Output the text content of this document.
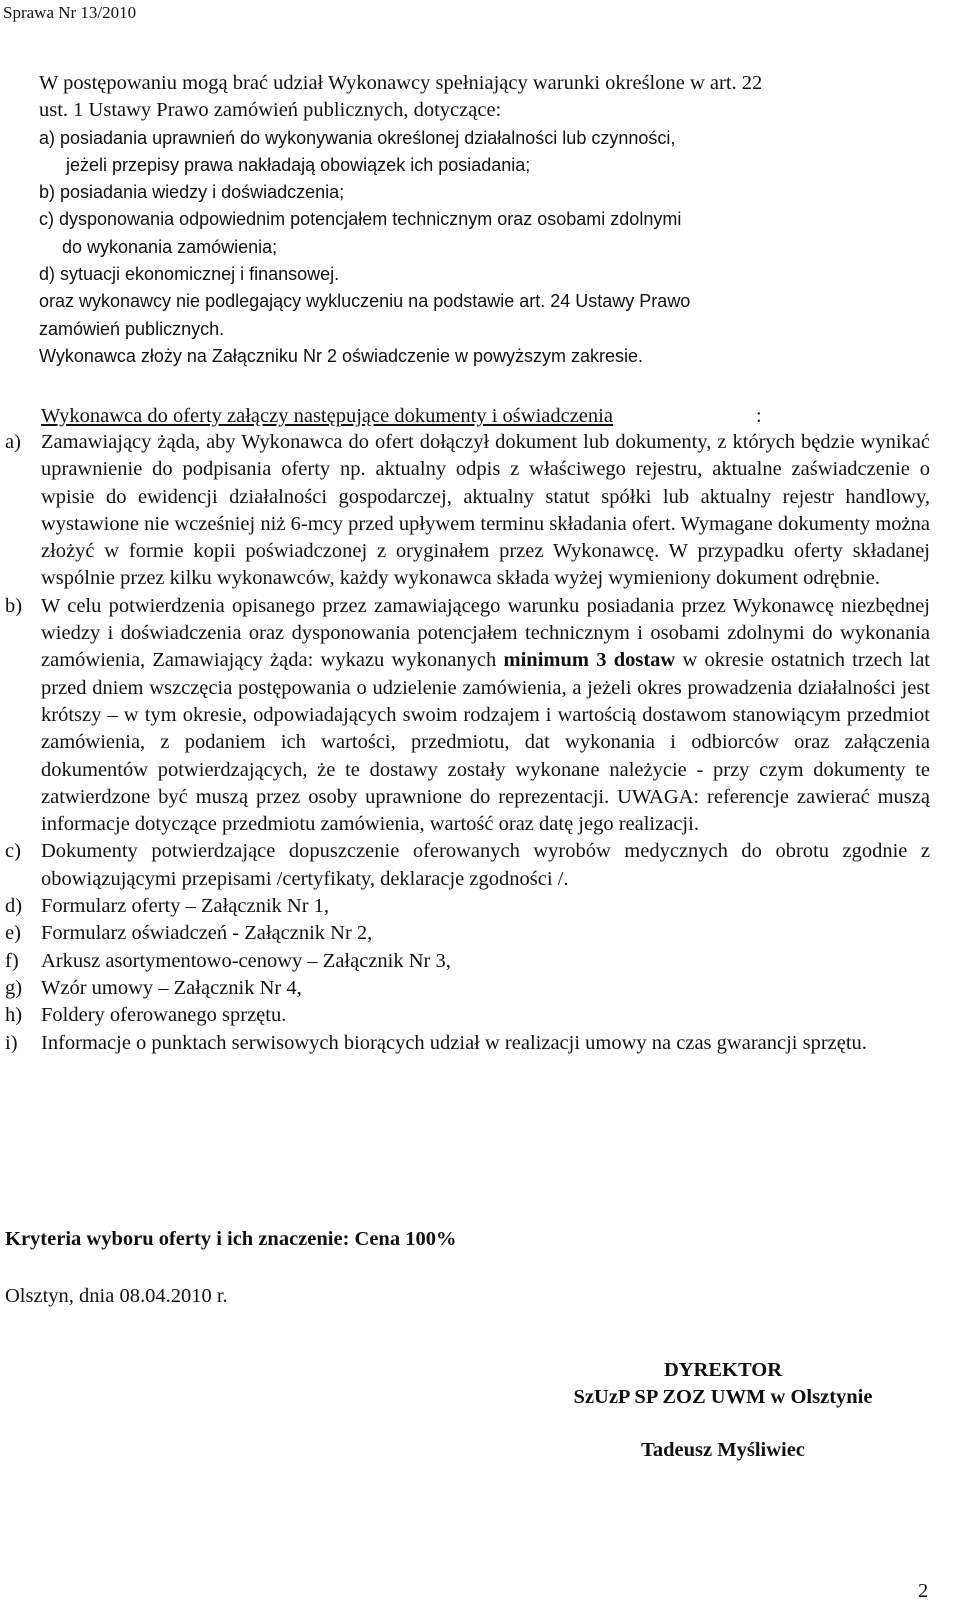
Sprawa Nr 13/2010
W postępowaniu mogą brać udział Wykonawcy spełniający warunki określone w art. 22
ust. 1 Ustawy Prawo zamówień publicznych, dotyczące:
a) posiadania uprawnień do wykonywania określonej działalności lub czynności,
jeżeli przepisy prawa nakładają obowiązek ich posiadania;
b) posiadania wiedzy i doświadczenia;
c) dysponowania odpowiednim potencjałem technicznym oraz osobami zdolnymi
do wykonania zamówienia;
d) sytuacji ekonomicznej i finansowej.
oraz wykonawcy nie podlegający wykluczeniu na podstawie art. 24 Ustawy Prawo
zamówień publicznych.
Wykonawca złoży na Załączniku Nr 2 oświadczenie w powyższym zakresie.
Wykonawca do oferty załączy następujące dokumenty i oświadczenia	:
a) Zamawiający żąda, aby Wykonawca do ofert dołączył dokument lub dokumenty, z których będzie wynikać uprawnienie do podpisania oferty np. aktualny odpis z właściwego rejestru, aktualne zaświadczenie o wpisie do ewidencji działalności gospodarczej, aktualny statut spółki lub aktualny rejestr handlowy, wystawione nie wcześniej niż 6-mcy przed upływem terminu składania ofert. Wymagane dokumenty można złożyć w formie kopii poświadczonej z oryginałem przez Wykonawcę. W przypadku oferty składanej wspólnie przez kilku wykonawców, każdy wykonawca składa wyżej wymieniony dokument odrębnie.
b) W celu potwierdzenia opisanego przez zamawiającego warunku posiadania przez Wykonawcę niezbędnej wiedzy i doświadczenia oraz dysponowania potencjałem technicznym i osobami zdolnymi do wykonania zamówienia, Zamawiający żąda: wykazu wykonanych minimum 3 dostaw w okresie ostatnich trzech lat przed dniem wszczęcia postępowania o udzielenie zamówienia, a jeżeli okres prowadzenia działalności jest krótszy – w tym okresie, odpowiadających swoim rodzajem i wartością dostawom stanowiącym przedmiot zamówienia, z podaniem ich wartości, przedmiotu, dat wykonania i odbiorców oraz załączenia dokumentów potwierdzających, że te dostawy zostały wykonane należycie - przy czym dokumenty te zatwierdzone być muszą przez osoby uprawnione do reprezentacji. UWAGA: referencje zawierać muszą informacje dotyczące przedmiotu zamówienia, wartość oraz datę jego realizacji.
c) Dokumenty potwierdzające dopuszczenie oferowanych wyrobów medycznych do obrotu zgodnie z obowiązującymi przepisami /certyfikaty, deklaracje zgodności /.
d) Formularz oferty – Załącznik Nr 1,
e) Formularz oświadczeń - Załącznik Nr 2,
f)	Arkusz asortymentowo-cenowy – Załącznik Nr 3,
g) Wzór umowy – Załącznik Nr 4,
h) Foldery oferowanego sprzętu.
i)	Informacje o punktach serwisowych biorących udział w realizacji umowy na czas gwarancji sprzętu.
Kryteria wyboru oferty i ich znaczenie: Cena 100%
Olsztyn, dnia 08.04.2010 r.
DYREKTOR
SzUzP SP ZOZ UWM w Olsztynie
Tadeusz Myśliwiec
2
